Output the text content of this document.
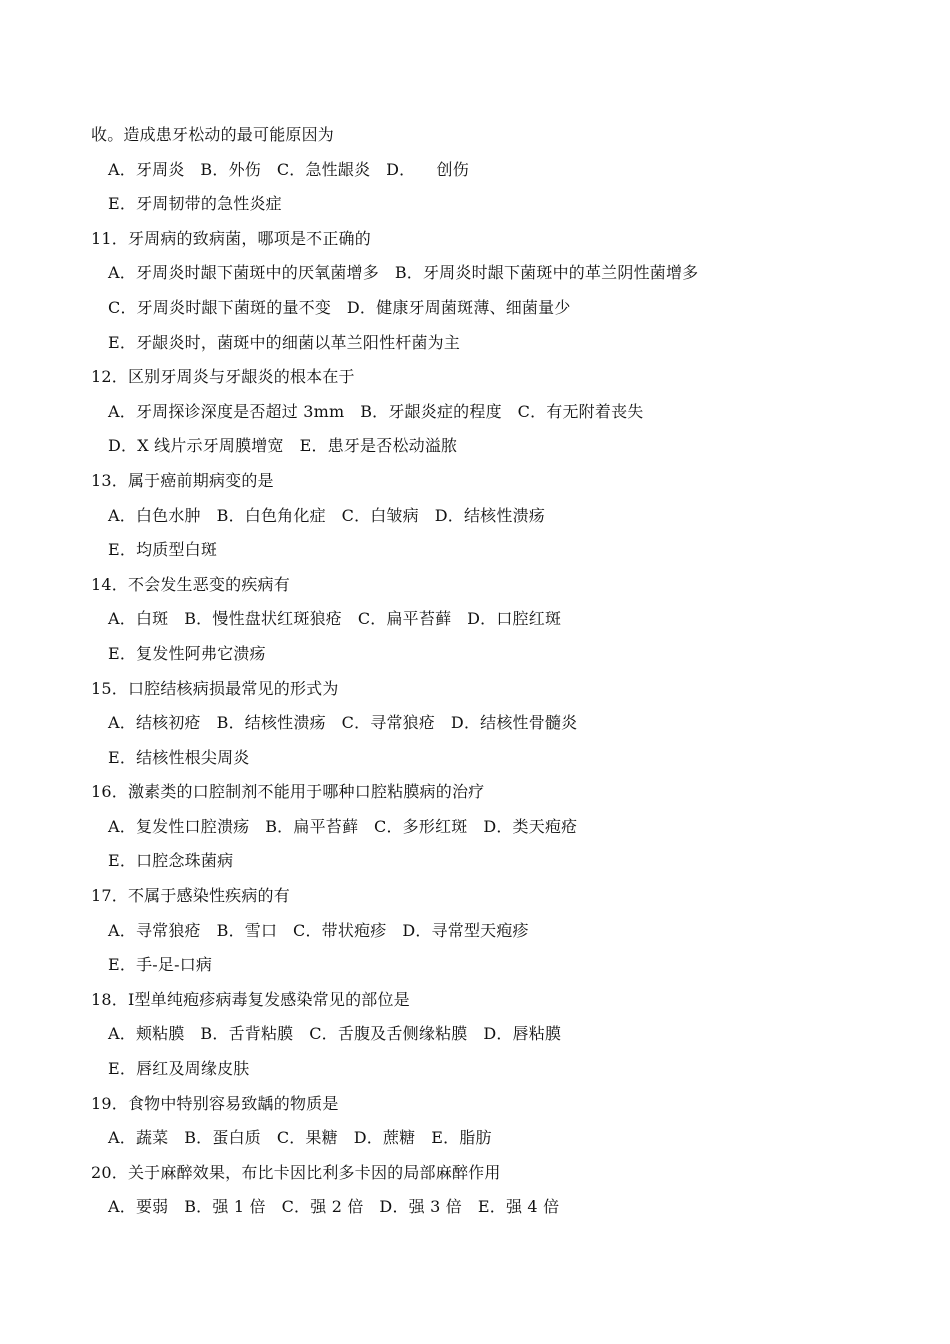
收。造成患牙松动的最可能原因为
A．牙周炎   B．外伤   C．急性龈炎   D．    创伤
E．牙周韧带的急性炎症
11．牙周病的致病菌，哪项是不正确的
A．牙周炎时龈下菌斑中的厌氧菌增多   B．牙周炎时龈下菌斑中的革兰阴性菌增多
C．牙周炎时龈下菌斑的量不变   D．健康牙周菌斑薄、细菌量少
E．牙龈炎时，菌斑中的细菌以革兰阳性杆菌为主
12．区别牙周炎与牙龈炎的根本在于
A．牙周探诊深度是否超过 3mm   B．牙龈炎症的程度   C．有无附着丧失
D．X 线片示牙周膜增宽   E．患牙是否松动溢脓
13．属于癌前期病变的是
A．白色水肿   B．白色角化症   C．白皱病   D．结核性溃疡
E．均质型白斑
14．不会发生恶变的疾病有
A．白斑   B．慢性盘状红斑狼疮   C．扁平苔藓   D．口腔红斑
E．复发性阿弗它溃疡
15．口腔结核病损最常见的形式为
A．结核初疮   B．结核性溃疡   C．寻常狼疮   D．结核性骨髓炎
E．结核性根尖周炎
16．激素类的口腔制剂不能用于哪种口腔粘膜病的治疗
A．复发性口腔溃疡   B．扁平苔藓   C．多形红斑   D．类天疱疮
E．口腔念珠菌病
17．不属于感染性疾病的有
A．寻常狼疮   B．雪口   C．带状疱疹   D．寻常型天疱疹
E．手-足-口病
18．Ⅰ型单纯疱疹病毒复发感染常见的部位是
A．颊粘膜   B．舌背粘膜   C．舌腹及舌侧缘粘膜   D．唇粘膜
E．唇红及周缘皮肤
19．食物中特别容易致龋的物质是
A．蔬菜   B．蛋白质   C．果糖   D．蔗糖   E．脂肪
20．关于麻醉效果，布比卡因比利多卡因的局部麻醉作用
A．要弱   B．强 1 倍   C．强 2 倍   D．强 3 倍   E．强 4 倍
